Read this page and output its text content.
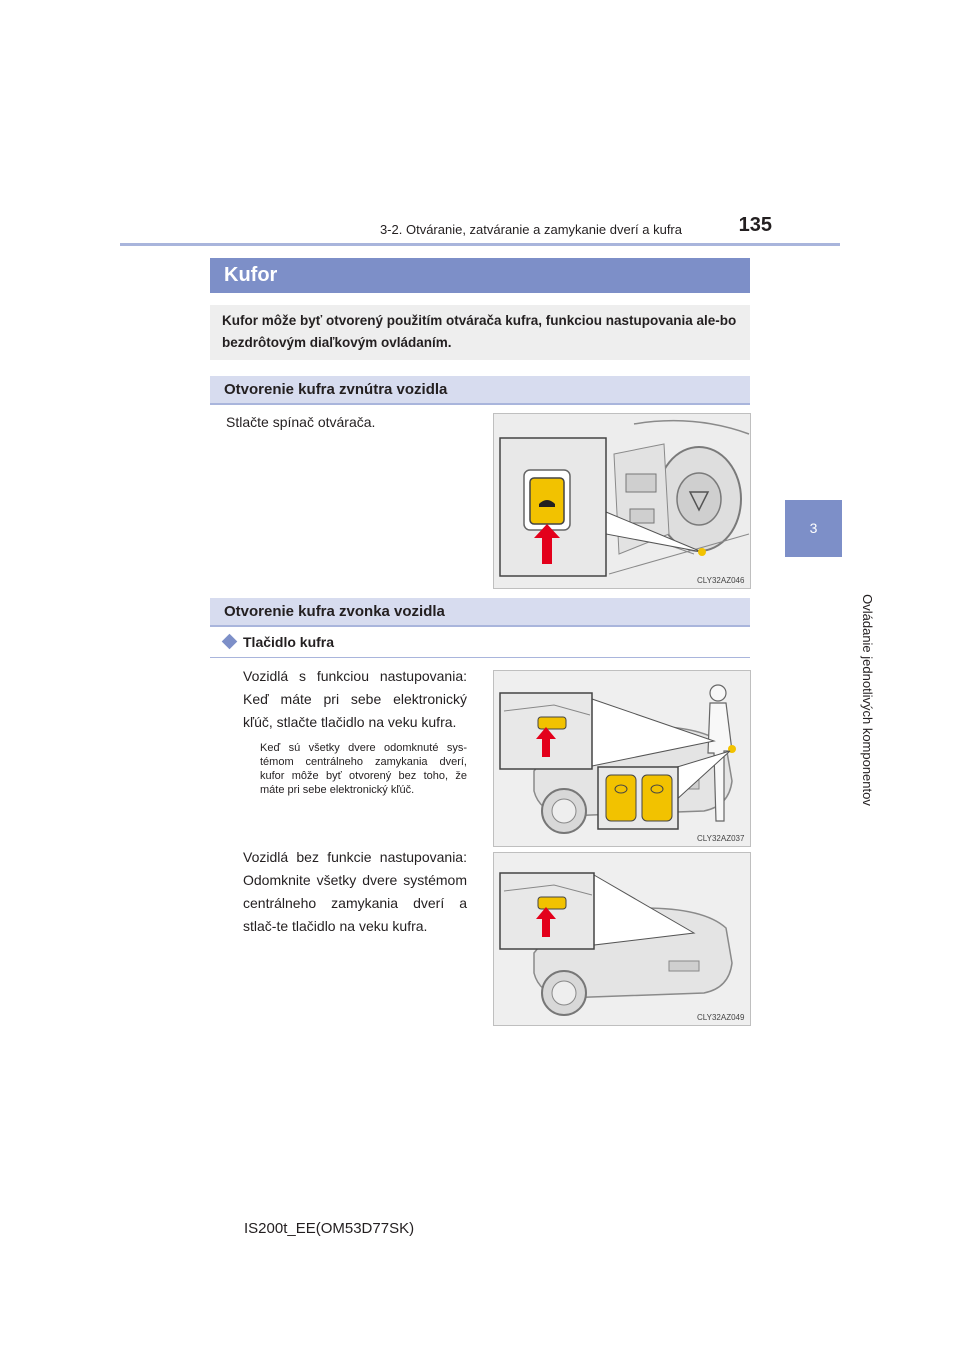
3-2. Otváranie, zatváranie a zamykanie dverí a kufra	135
3
Ovládanie jednotlivých komponentov
Kufor
Kufor môže byť otvorený použitím otvárača kufra, funkciou nastupovania ale-bo bezdrôtovým diaľkovým ovládaním.
Otvorenie kufra zvnútra vozidla
Stlačte spínač otvárača.
CLY32AZ046
Otvorenie kufra zvonka vozidla
Tlačidlo kufra
Vozidlá s funkciou nastupovania: Keď máte pri sebe elektronický kľúč, stlačte tlačidlo na veku kufra.
Keď sú všetky dvere odomknuté sys-témom centrálneho zamykania dverí, kufor môže byť otvorený bez toho, že máte pri sebe elektronický kľúč.
CLY32AZ037
Vozidlá bez funkcie nastupovania: Odomknite všetky dvere systémom centrálneho zamykania dverí a stlač-te tlačidlo na veku kufra.
CLY32AZ049
IS200t_EE(OM53D77SK)
